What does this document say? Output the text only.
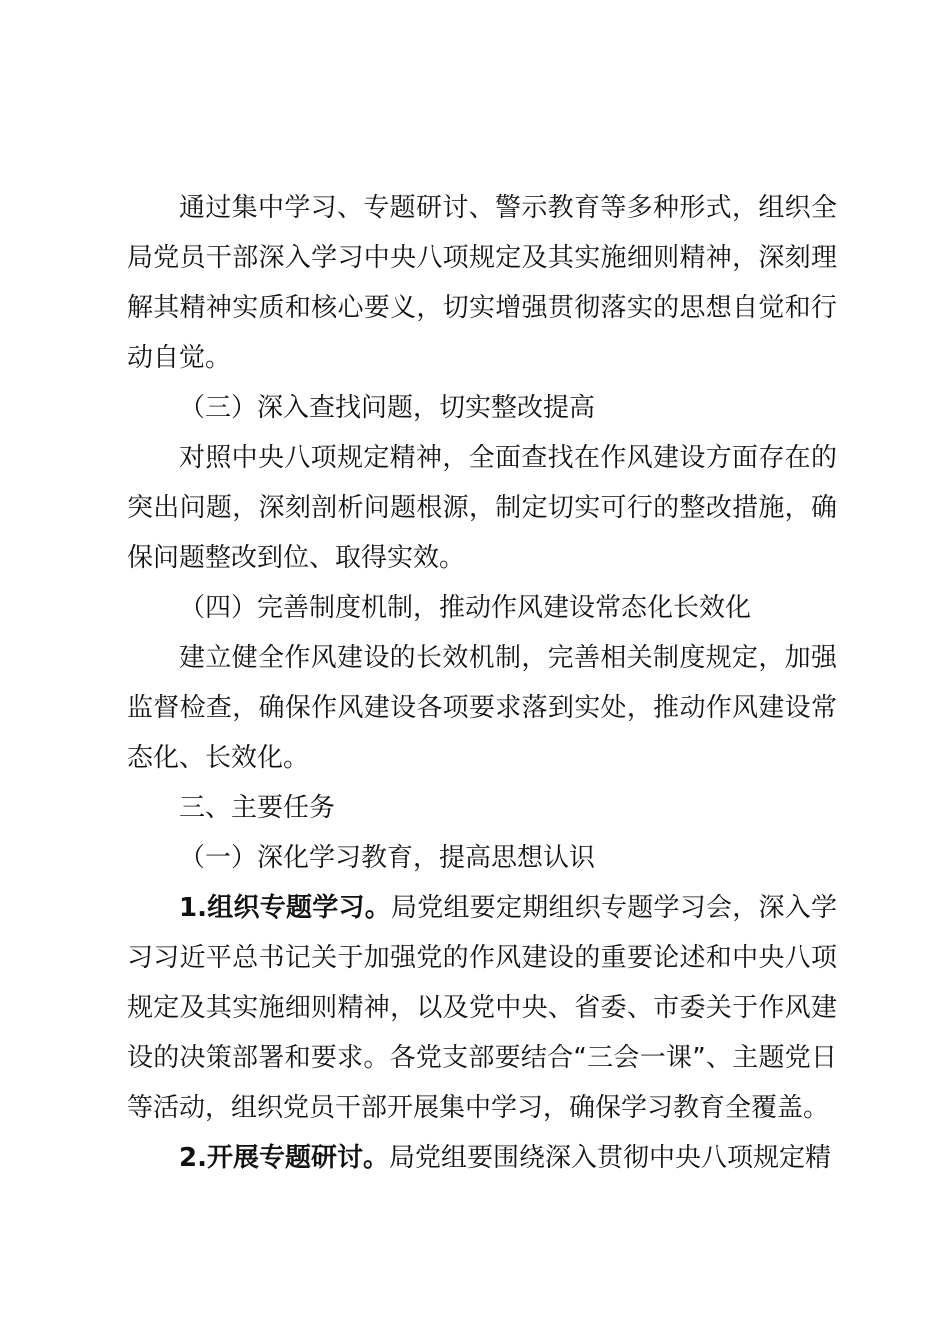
通过集中学习、专题研讨、警示教育等多种形式，组织全局党员干部深入学习中央八项规定及其实施细则精神，深刻理解其精神实质和核心要义，切实增强贯彻落实的思想自觉和行动自觉。

（三）深入查找问题，切实整改提高

对照中央八项规定精神，全面查找在作风建设方面存在的突出问题，深刻剖析问题根源，制定切实可行的整改措施，确保问题整改到位、取得实效。

（四）完善制度机制，推动作风建设常态化长效化

建立健全作风建设的长效机制，完善相关制度规定，加强监督检查，确保作风建设各项要求落到实处，推动作风建设常态化、长效化。

三、主要任务

（一）深化学习教育，提高思想认识

1.组织专题学习。局党组要定期组织专题学习会，深入学习习近平总书记关于加强党的作风建设的重要论述和中央八项规定及其实施细则精神，以及党中央、省委、市委关于作风建设的决策部署和要求。各党支部要结合“三会一课”、主题党日等活动，组织党员干部开展集中学习，确保学习教育全覆盖。

2.开展专题研讨。局党组要围绕深入贯彻中央八项规定精
